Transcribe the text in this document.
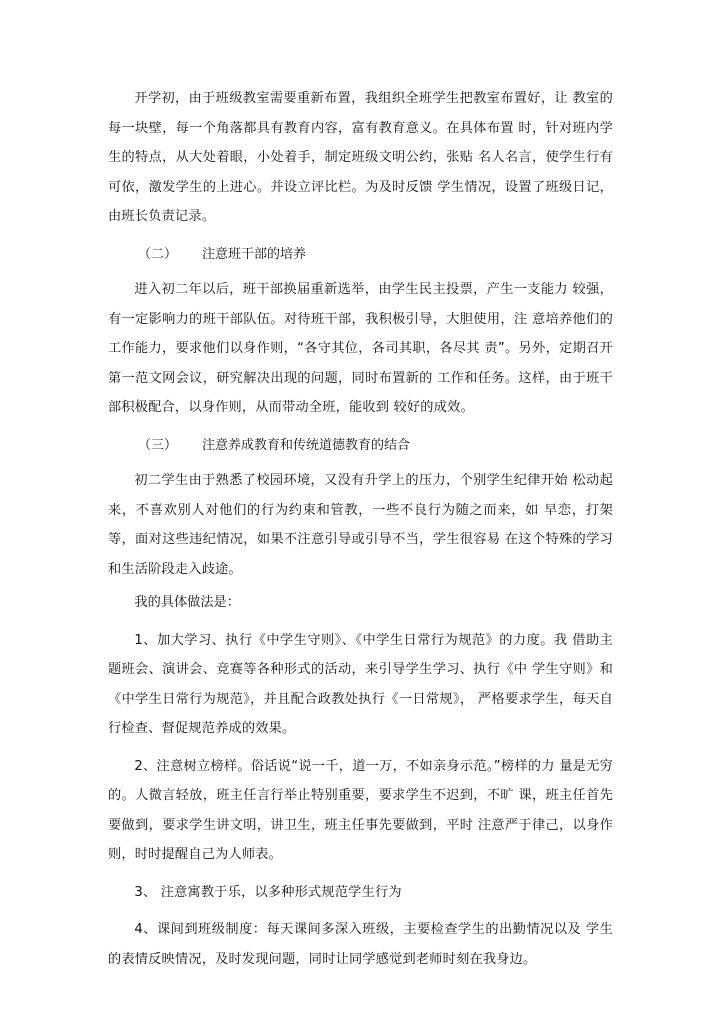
开学初，由于班级教室需要重新布置，我组织全班学生把教室布置好，让 教室的每一块壁，每一个角落都具有教育内容，富有教育意义。在具体布置 时，针对班内学生的特点，从大处着眼，小处着手，制定班级文明公约，张贴 名人名言，使学生行有可依，激发学生的上进心。并设立评比栏。为及时反馈 学生情况，设置了班级日记，由班长负责记录。

（二） 注意班干部的培养

进入初二年以后，班干部换届重新选举，由学生民主投票，产生一支能力 较强，有一定影响力的班干部队伍。对待班干部，我积极引导，大胆使用，注 意培养他们的工作能力，要求他们以身作则，“各守其位，各司其职，各尽其 责”。另外，定期召开第一范文网会议，研究解决出现的问题，同时布置新的 工作和任务。这样，由于班干部积极配合，以身作则，从而带动全班，能收到 较好的成效。

（三） 注意养成教育和传统道德教育的结合

初二学生由于熟悉了校园环境，又没有升学上的压力，个别学生纪律开始 松动起来，不喜欢别人对他们的行为约束和管教，一些不良行为随之而来，如 早恋，打架等，面对这些违纪情况，如果不注意引导或引导不当，学生很容易 在这个特殊的学习和生活阶段走入歧途。

我的具体做法是：

1、加大学习、执行《中学生守则》、《中学生日常行为规范》的力度。我 借助主题班会、演讲会、竞赛等各种形式的活动，来引导学生学习、执行《中 学生守则》和《中学生日常行为规范》，并且配合政教处执行《一日常规》， 严格要求学生，每天自行检查、督促规范养成的效果。

2、注意树立榜样。俗话说“说一千，道一万，不如亲身示范。”榜样的力 量是无穷的。人微言轻放，班主任言行举止特别重要，要求学生不迟到，不旷 课，班主任首先要做到，要求学生讲文明，讲卫生，班主任事先要做到，平时 注意严于律己，以身作则，时时提醒自己为人师表。

3、 注意寓教于乐，以多种形式规范学生行为

4、课间到班级制度：每天课间多深入班级，主要检查学生的出勤情况以及 学生的表情反映情况，及时发现问题，同时让同学感觉到老师时刻在我身边。
